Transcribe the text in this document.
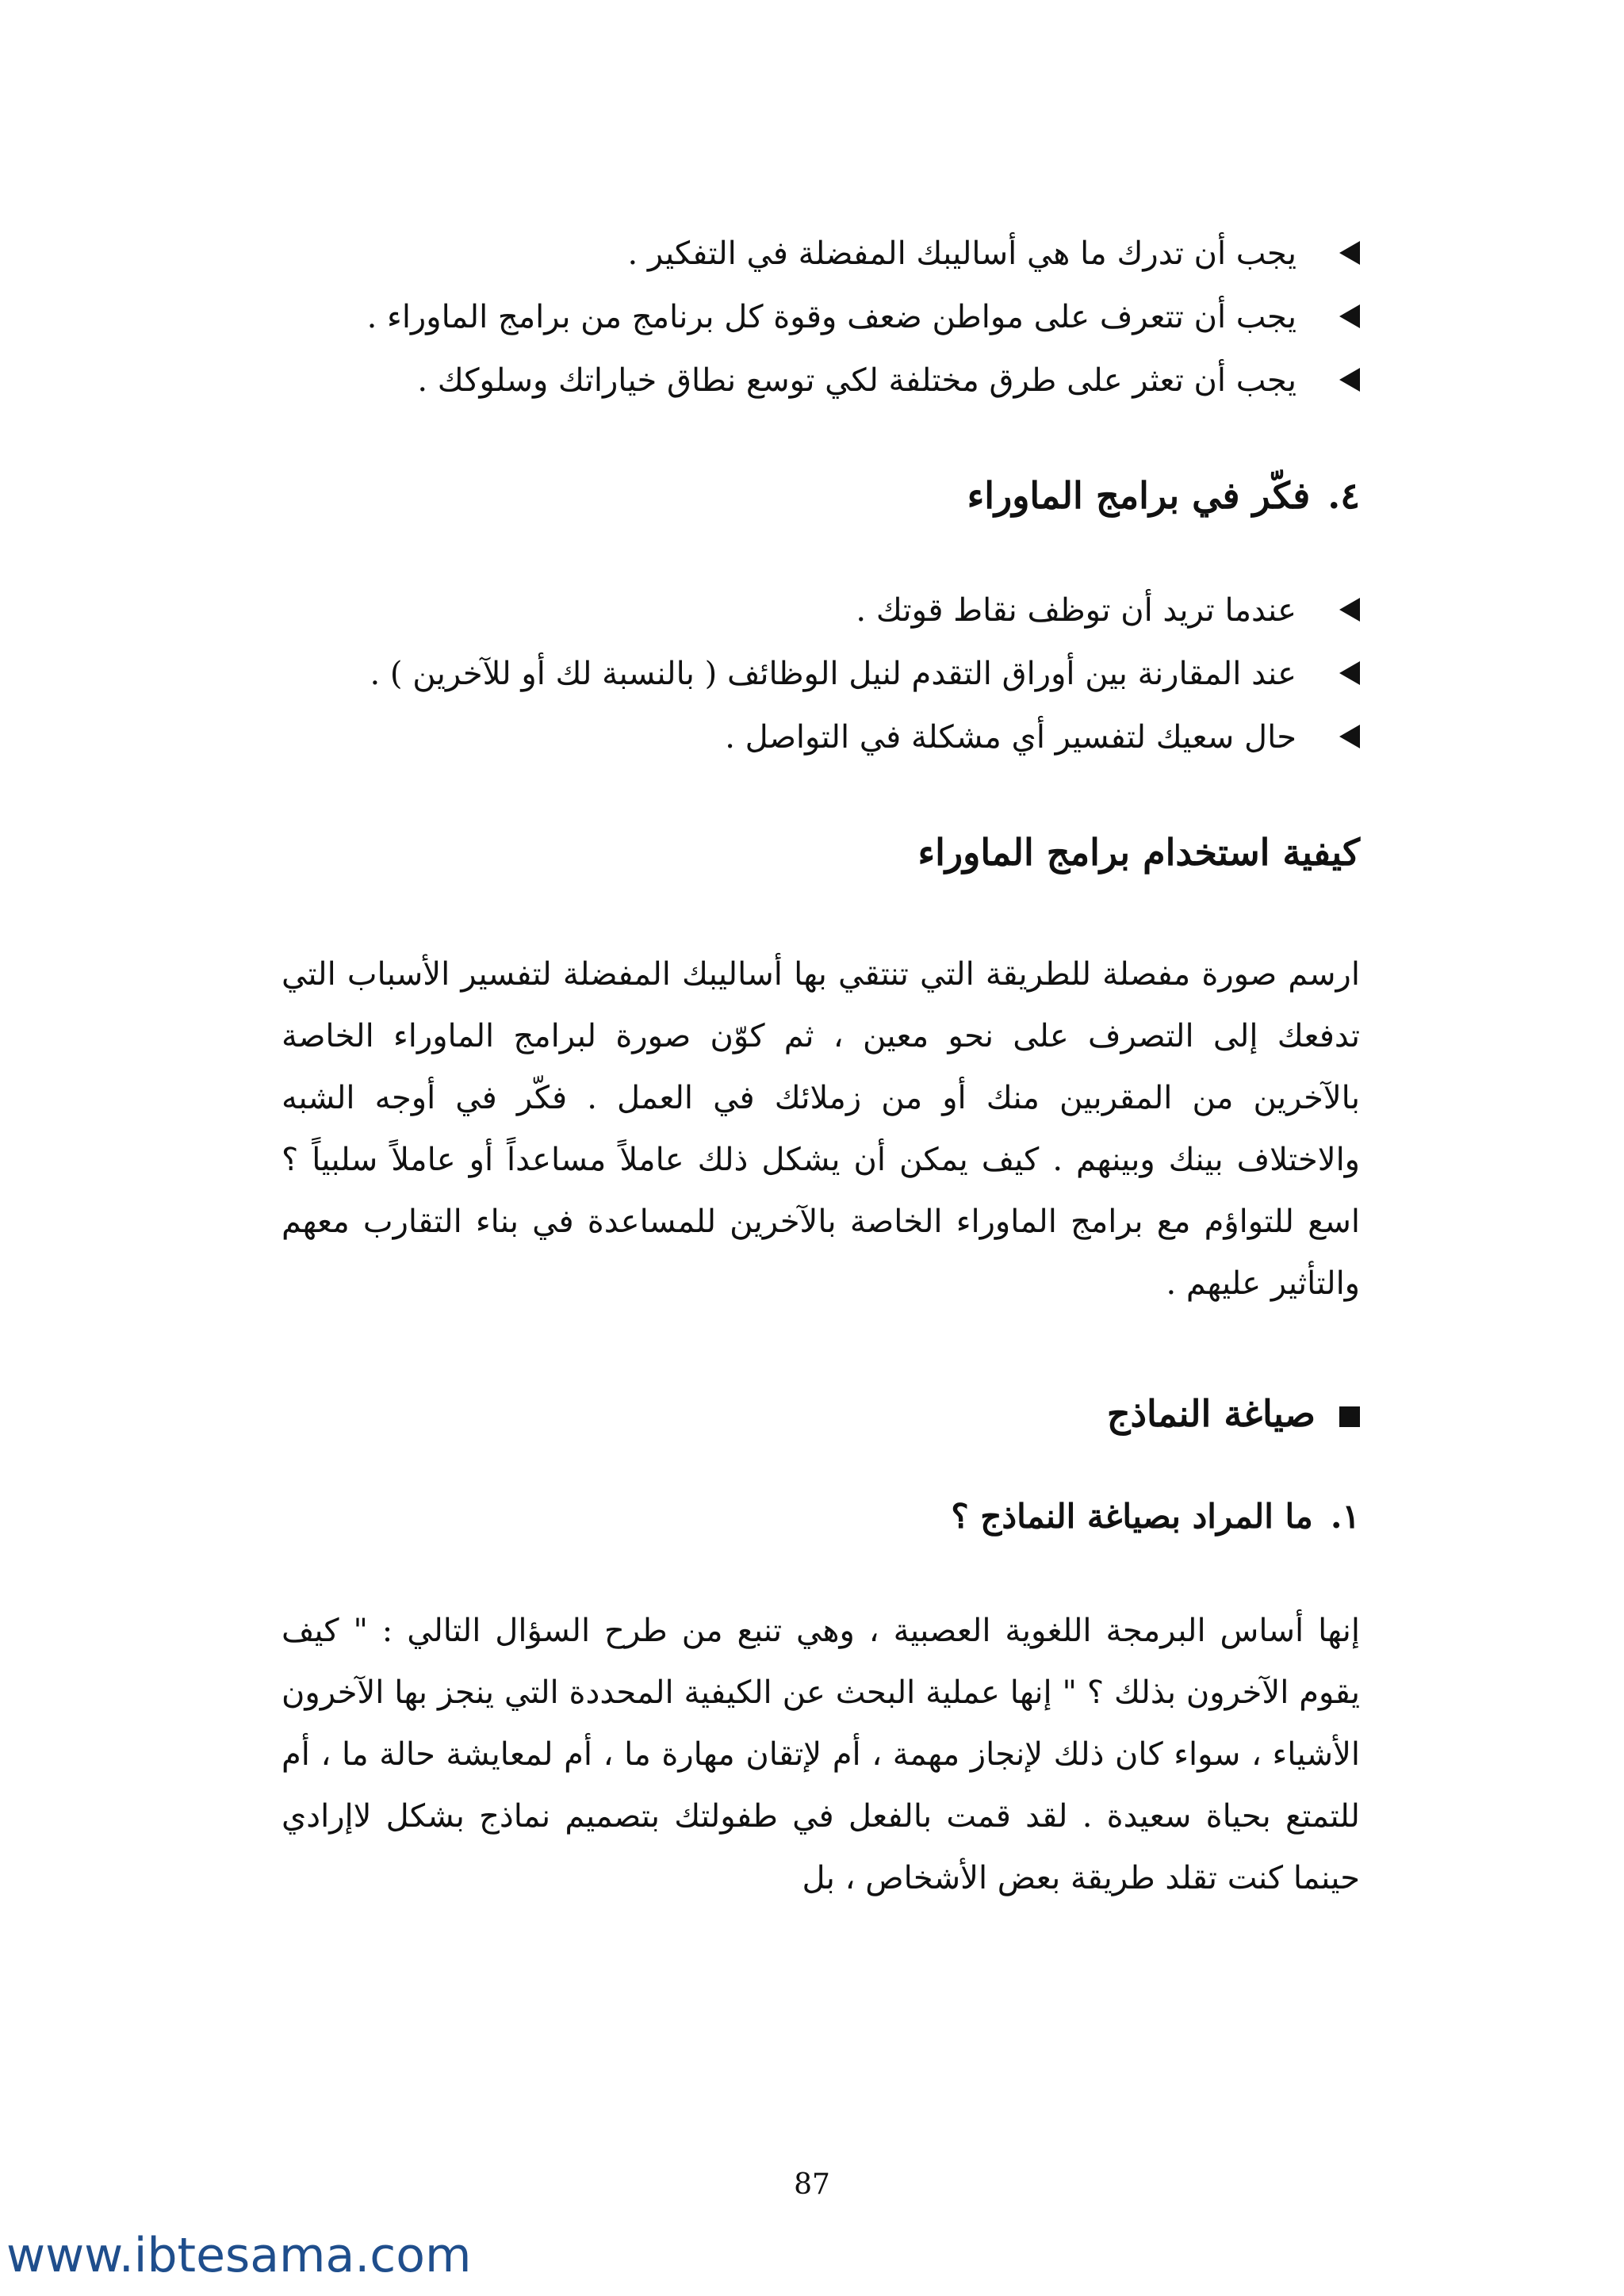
يجب أن تدرك ما هي أساليبك المفضلة في التفكير .
يجب أن تتعرف على مواطن ضعف وقوة كل برنامج من برامج الماوراء .
يجب أن تعثر على طرق مختلفة لكي توسع نطاق خياراتك وسلوكك .
٤.فكّر في برامج الماوراء
عندما تريد أن توظف نقاط قوتك .
عند المقارنة بين أوراق التقدم لنيل الوظائف ( بالنسبة لك أو للآخرين ) .
حال سعيك لتفسير أي مشكلة في التواصل .
كيفية استخدام برامج الماوراء

ارسم صورة مفصلة للطريقة التي تنتقي بها أساليبك المفضلة لتفسير الأسباب التي تدفعك إلى التصرف على نحو معين ، ثم كوّن صورة لبرامج الماوراء الخاصة بالآخرين من المقربين منك أو من زملائك في العمل . فكّر في أوجه الشبه والاختلاف بينك وبينهم . كيف يمكن أن يشكل ذلك عاملاً مساعداً أو عاملاً سلبياً ؟ اسع للتواؤم مع برامج الماوراء الخاصة بالآخرين للمساعدة في بناء التقارب معهم والتأثير عليهم .

صياغة النماذج
١.ما المراد بصياغة النماذج ؟

إنها أساس البرمجة اللغوية العصبية ، وهي تنبع من طرح السؤال التالي : " كيف يقوم الآخرون بذلك ؟ " إنها عملية البحث عن الكيفية المحددة التي ينجز بها الآخرون الأشياء ، سواء كان ذلك لإنجاز مهمة ، أم لإتقان مهارة ما ، أم لمعايشة حالة ما ، أم للتمتع بحياة سعيدة . لقد قمت بالفعل في طفولتك بتصميم نماذج بشكل لاإرادي حينما كنت تقلد طريقة بعض الأشخاص ، بل

87
www.ibtesama.com
